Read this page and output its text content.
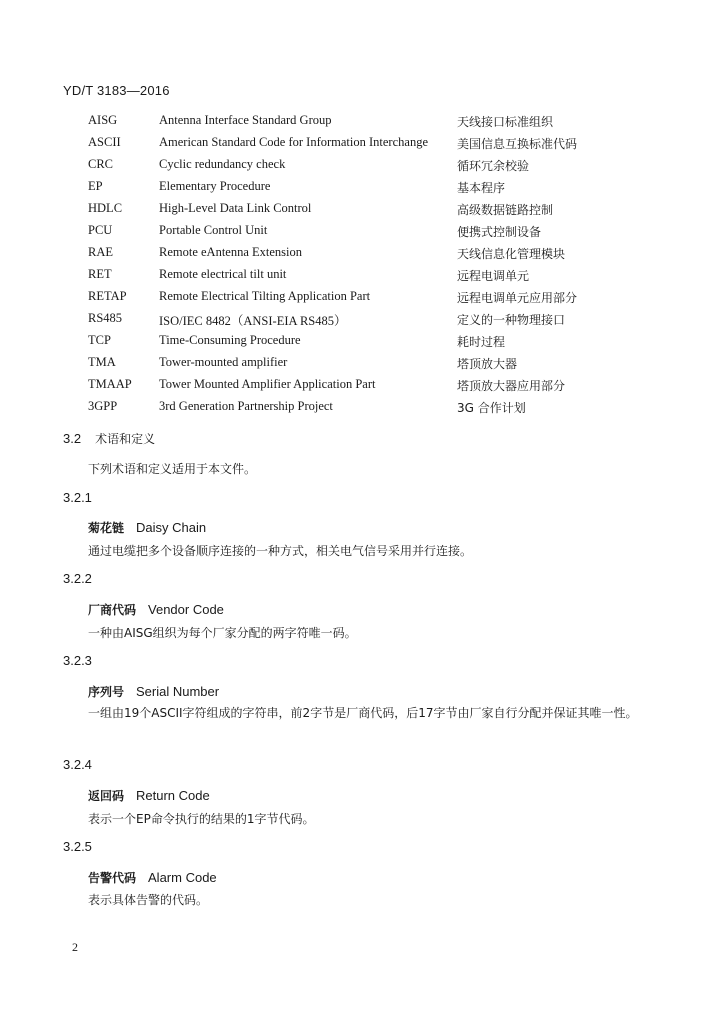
YD/T 3183—2016
AISG	Antenna Interface Standard Group	天线接口标准组织
ASCII	American Standard Code for Information Interchange 美国信息互换标准代码
CRC	Cyclic redundancy check	循环冗余校验
EP	Elementary Procedure	基本程序
HDLC	High-Level Data Link Control	高级数据链路控制
PCU	Portable Control Unit	便携式控制设备
RAE	Remote eAntenna Extension	天线信息化管理模块
RET	Remote electrical tilt unit	远程电调单元
RETAP	Remote Electrical Tilting Application Part	远程电调单元应用部分
RS485	ISO/IEC 8482（ANSI-EIA RS485）	定义的一种物理接口
TCP	Time-Consuming Procedure	耗时过程
TMA	Tower-mounted amplifier	塔顶放大器
TMAAP Tower Mounted Amplifier Application Part	塔顶放大器应用部分
3GPP	3rd Generation Partnership Project	3G 合作计划
3.2 术语和定义
下列术语和定义适用于本文件。
3.2.1
菊花链 Daisy Chain
通过电缆把多个设备顺序连接的一种方式，相关电气信号采用并行连接。
3.2.2
厂商代码 Vendor Code
一种由AISG组织为每个厂家分配的两字符唯一码。
3.2.3
序列号 Serial Number
一组由19个ASCII字符组成的字符串，前2字节是厂商代码，后17字节由厂家自行分配并保证其唯一性。
3.2.4
返回码 Return Code
表示一个EP命令执行的结果的1字节代码。
3.2.5
告警代码 Alarm Code
表示具体告警的代码。
2
